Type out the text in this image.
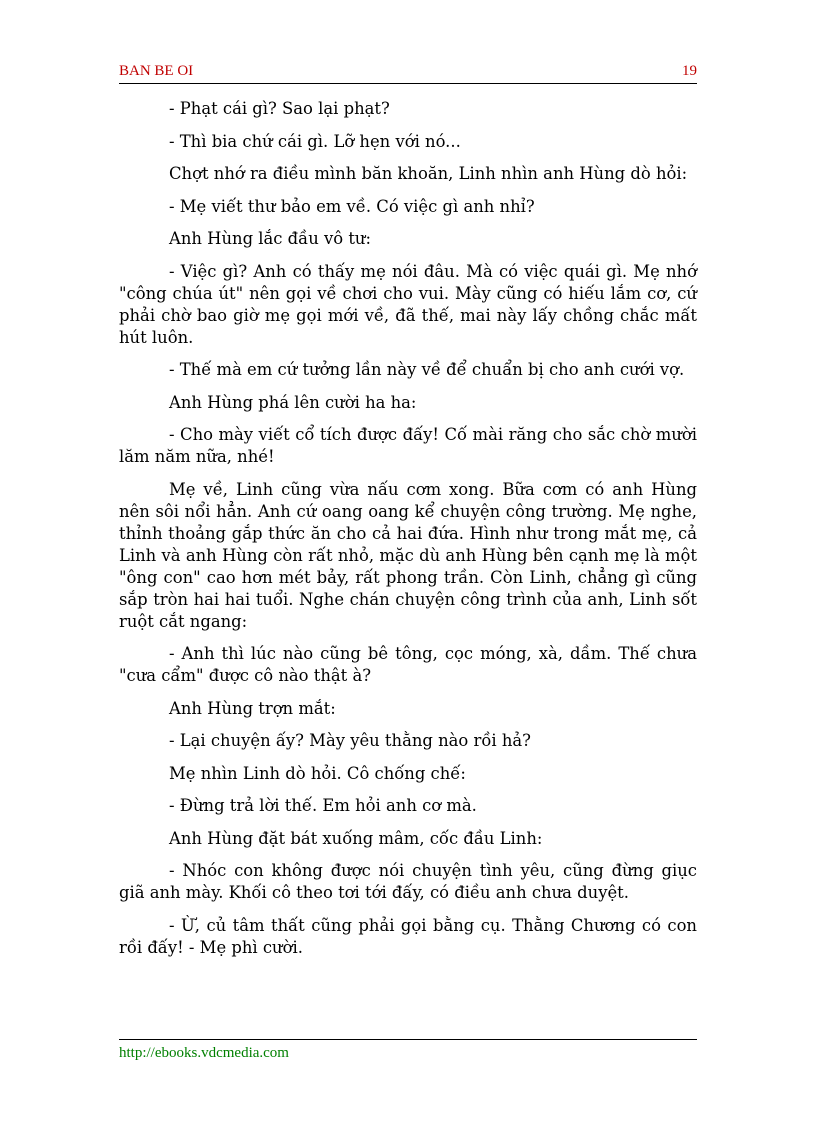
BAN BE OI	19

- Phạt cái gì? Sao lại phạt?

- Thì bia chứ cái gì. Lỡ hẹn với nó...

Chợt nhớ ra điều mình băn khoăn, Linh nhìn anh Hùng dò hỏi:

- Mẹ viết thư bảo em về. Có việc gì anh nhỉ?

Anh Hùng lắc đầu vô tư:

- Việc gì? Anh có thấy mẹ nói đâu. Mà có việc quái gì. Mẹ nhớ "công chúa út" nên gọi về chơi cho vui. Mày cũng có hiếu lắm cơ, cứ phải chờ bao giờ mẹ gọi mới về, đã thế, mai này lấy chồng chắc mất hút luôn.

- Thế mà em cứ tưởng lần này về để chuẩn bị cho anh cưới vợ.

Anh Hùng phá lên cười ha ha:

- Cho mày viết cổ tích được đấy! Cố mài răng cho sắc chờ mười lăm năm nữa, nhé!

Mẹ về, Linh cũng vừa nấu cơm xong. Bữa cơm có anh Hùng nên sôi nổi hẳn. Anh cứ oang oang kể chuyện công trường. Mẹ nghe, thỉnh thoảng gắp thức ăn cho cả hai đứa. Hình như trong mắt mẹ, cả Linh và anh Hùng còn rất nhỏ, mặc dù anh Hùng bên cạnh mẹ là một "ông con" cao hơn mét bảy, rất phong trần. Còn Linh, chẳng gì cũng sắp tròn hai hai tuổi. Nghe chán chuyện công trình của anh, Linh sốt ruột cắt ngang:

- Anh thì lúc nào cũng bê tông, cọc móng, xà, dầm. Thế chưa "cưa cẩm" được cô nào thật à?

Anh Hùng trợn mắt:

- Lại chuyện ấy? Mày yêu thằng nào rồi hả?

Mẹ nhìn Linh dò hỏi. Cô chống chế:

- Đừng trả lời thế. Em hỏi anh cơ mà.

Anh Hùng đặt bát xuống mâm, cốc đầu Linh:

- Nhóc con không được nói chuyện tình yêu, cũng đừng giục giã anh mày. Khối cô theo tơi tới đấy, có điều anh chưa duyệt.

- Ừ, củ tâm thất cũng phải gọi bằng cụ. Thằng Chương có con rồi đấy! - Mẹ phì cười.

http://ebooks.vdcmedia.com
